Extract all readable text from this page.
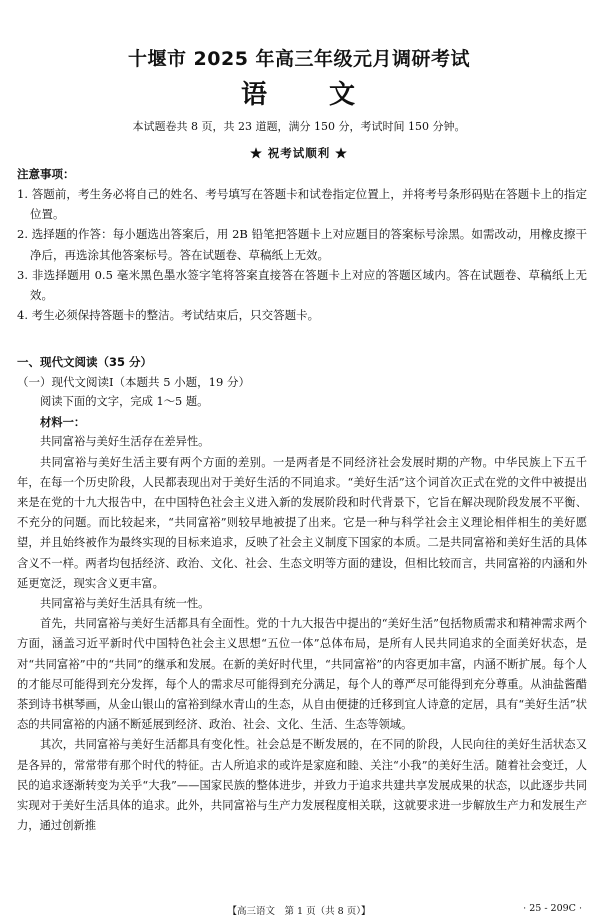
十堰市 2025 年高三年级元月调研考试
语 文
本试题卷共 8 页，共 23 道题，满分 150 分，考试时间 150 分钟。
★ 祝考试顺利 ★
注意事项：

1. 答题前，考生务必将自己的姓名、考号填写在答题卡和试卷指定位置上，并将考号条形码贴在答题卡上的指定位置。

2. 选择题的作答：每小题选出答案后，用 2B 铅笔把答题卡上对应题目的答案标号涂黑。如需改动，用橡皮擦干净后，再选涂其他答案标号。答在试题卷、草稿纸上无效。

3. 非选择题用 0.5 毫米黑色墨水签字笔将答案直接答在答题卡上对应的答题区域内。答在试题卷、草稿纸上无效。

4. 考生必须保持答题卡的整洁。考试结束后，只交答题卡。

一、现代文阅读（35 分）
（一）现代文阅读Ⅰ（本题共 5 小题，19 分）

阅读下面的文字，完成 1～5 题。

材料一：

共同富裕与美好生活存在差异性。

共同富裕与美好生活主要有两个方面的差别。一是两者是不同经济社会发展时期的产物。中华民族上下五千年，在每一个历史阶段，人民都表现出对于美好生活的不同追求。“美好生活”这个词首次正式在党的文件中被提出来是在党的十九大报告中，在中国特色社会主义进入新的发展阶段和时代背景下，它旨在解决现阶段发展不平衡、不充分的问题。而比较起来，“共同富裕”则较早地被提了出来。它是一种与科学社会主义理论相伴相生的美好愿望，并且始终被作为最终实现的目标来追求，反映了社会主义制度下国家的本质。二是共同富裕和美好生活的具体含义不一样。两者均包括经济、政治、文化、社会、生态文明等方面的建设，但相比较而言，共同富裕的内涵和外延更宽泛，现实含义更丰富。

共同富裕与美好生活具有统一性。

首先，共同富裕与美好生活都具有全面性。党的十九大报告中提出的“美好生活”包括物质需求和精神需求两个方面，涵盖习近平新时代中国特色社会主义思想“五位一体”总体布局，是所有人民共同追求的全面美好状态，是对“共同富裕”中的“共同”的继承和发展。在新的美好时代里，“共同富裕”的内容更加丰富，内涵不断扩展。每个人的才能尽可能得到充分发挥，每个人的需求尽可能得到充分满足，每个人的尊严尽可能得到充分尊重。从油盐酱醋茶到诗书棋琴画，从金山银山的富裕到绿水青山的生态，从自由便捷的迁移到宜人诗意的定居，具有“美好生活”状态的共同富裕的内涵不断延展到经济、政治、社会、文化、生活、生态等领域。

其次，共同富裕与美好生活都具有变化性。社会总是不断发展的，在不同的阶段，人民向往的美好生活状态又是各异的，常常带有那个时代的特征。古人所追求的或许是家庭和睦、关注“小我”的美好生活。随着社会变迁，人民的追求逐渐转变为关乎“大我”——国家民族的整体进步，并致力于追求共建共享发展成果的状态，以此逐步共同实现对于美好生活具体的追求。此外，共同富裕与生产力发展程度相关联，这就要求进一步解放生产力和发展生产力，通过创新推

【高三语文　第 1 页（共 8 页）】	· 25 - 209C ·
